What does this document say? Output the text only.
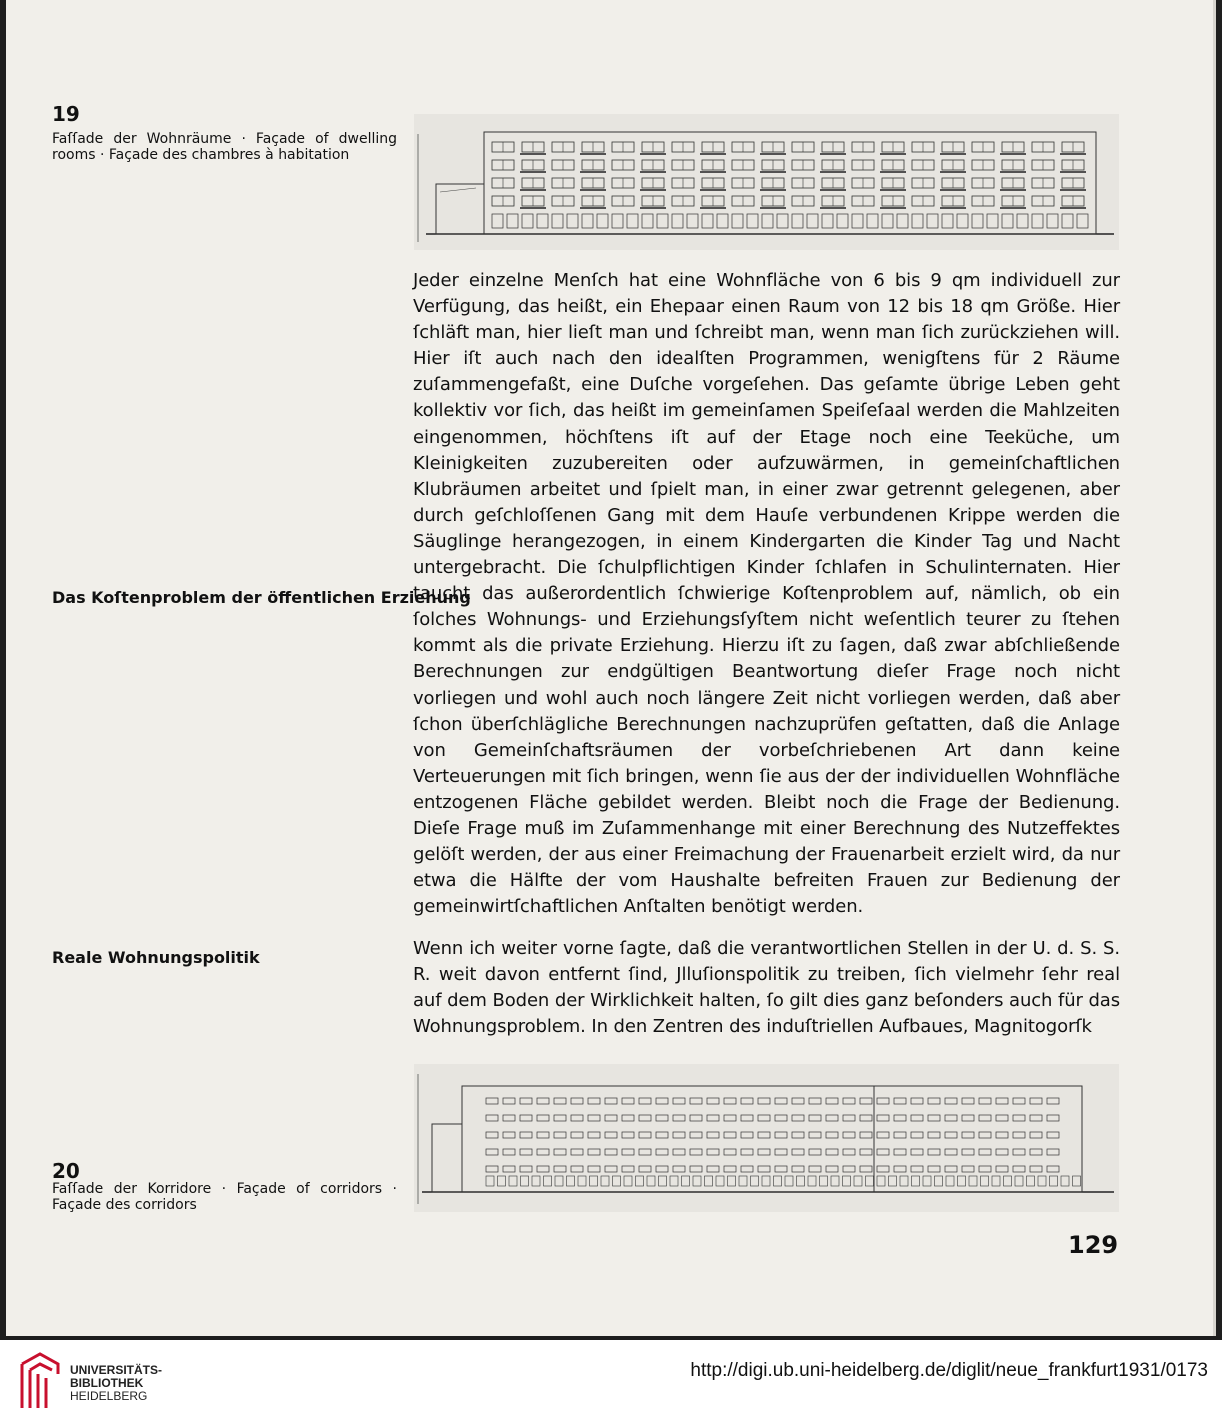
19
Faſſade der Wohnräume · Façade of dwelling rooms · Façade des chambres à habitation
Das Koſtenproblem der öffentlichen Erziehung
Reale Wohnungspolitik
Jeder einzelne Menſch hat eine Wohnfläche von 6 bis 9 qm individuell zur Verfügung, das heißt, ein Ehepaar einen Raum von 12 bis 18 qm Größe. Hier ſchläft man, hier lieſt man und ſchreibt man, wenn man ſich zurückziehen will. Hier iſt auch nach den idealſten Programmen, wenigſtens für 2 Räume zuſammengefaßt, eine Duſche vorgeſehen. Das geſamte übrige Leben geht kollektiv vor ſich, das heißt im gemeinſamen Speiſeſaal werden die Mahlzeiten eingenommen, höchſtens iſt auf der Etage noch eine Teeküche, um Kleinigkeiten zuzubereiten oder aufzuwärmen, in gemeinſchaftlichen Klubräumen arbeitet und ſpielt man, in einer zwar getrennt gelegenen, aber durch geſchloſſenen Gang mit dem Hauſe verbundenen Krippe werden die Säuglinge herangezogen, in einem Kindergarten die Kinder Tag und Nacht untergebracht. Die ſchulpflichtigen Kinder ſchlafen in Schulinternaten. Hier taucht das außerordentlich ſchwierige Koſtenproblem auf, nämlich, ob ein ſolches Wohnungs- und Erziehungsſyſtem nicht weſentlich teurer zu ſtehen kommt als die private Erziehung. Hierzu iſt zu ſagen, daß zwar abſchließende Berechnungen zur endgültigen Beantwortung dieſer Frage noch nicht vorliegen und wohl auch noch längere Zeit nicht vorliegen werden, daß aber ſchon überſchlägliche Berechnungen nachzuprüfen geſtatten, daß die Anlage von Gemeinſchaftsräumen der vorbeſchriebenen Art dann keine Verteuerungen mit ſich bringen, wenn ſie aus der der individuellen Wohnfläche entzogenen Fläche gebildet werden. Bleibt noch die Frage der Bedienung. Dieſe Frage muß im Zuſammenhange mit einer Berechnung des Nutzeffektes gelöſt werden, der aus einer Freimachung der Frauenarbeit erzielt wird, da nur etwa die Hälfte der vom Haushalte befreiten Frauen zur Bedienung der gemeinwirtſchaftlichen Anſtalten benötigt werden.
Wenn ich weiter vorne ſagte, daß die verantwortlichen Stellen in der U. d. S. S. R. weit davon entfernt ſind, Jlluſionspolitik zu treiben, ſich vielmehr ſehr real auf dem Boden der Wirklichkeit halten, ſo gilt dies ganz beſonders auch für das Wohnungsproblem. In den Zentren des induſtriellen Aufbaues, Magnitogorſk
20
Faſſade der Korridore · Façade of corridors · Façade des corridors
129
UNIVERSITÄTS-
BIBLIOTHEK
HEIDELBERG
http://digi.ub.uni-heidelberg.de/diglit/neue_frankfurt1931/0173
